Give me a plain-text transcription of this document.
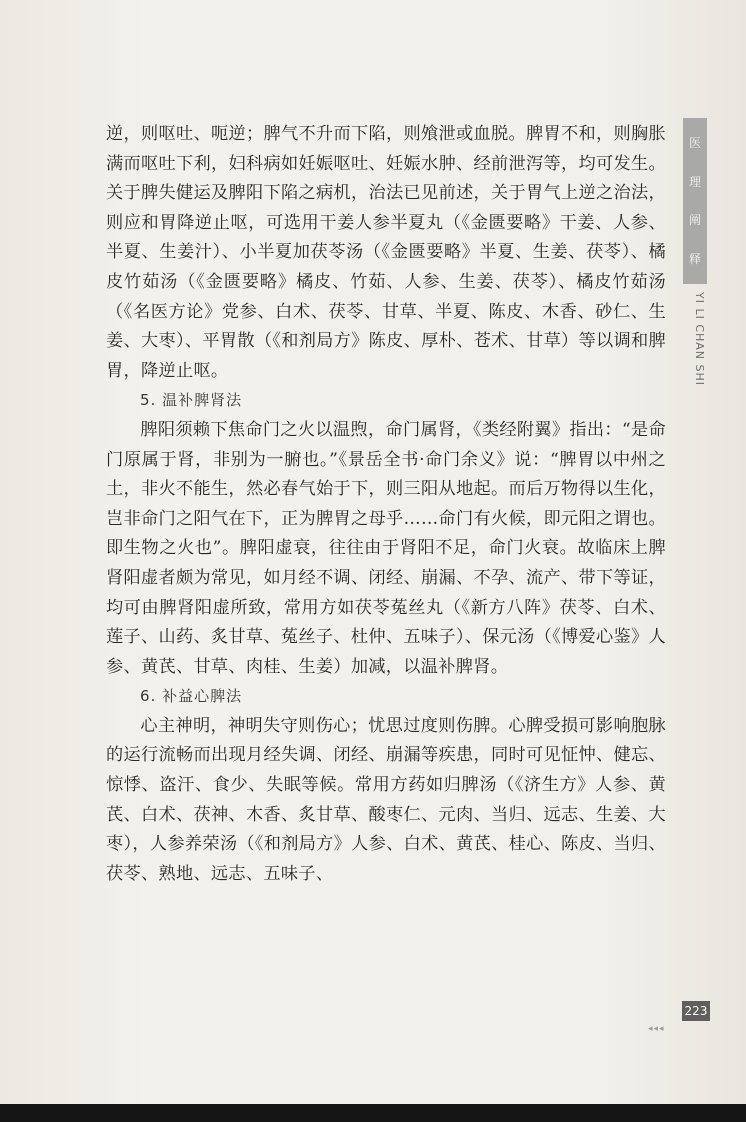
逆，则呕吐、呃逆；脾气不升而下陷，则飧泄或血脱。脾胃不和，则胸胀满而呕吐下利，妇科病如妊娠呕吐、妊娠水肿、经前泄泻等，均可发生。关于脾失健运及脾阳下陷之病机，治法已见前述，关于胃气上逆之治法，则应和胃降逆止呕，可选用干姜人参半夏丸（《金匮要略》干姜、人参、半夏、生姜汁）、小半夏加茯苓汤（《金匮要略》半夏、生姜、茯苓）、橘皮竹茹汤（《金匮要略》橘皮、竹茹、人参、生姜、茯苓）、橘皮竹茹汤（《名医方论》党参、白术、茯苓、甘草、半夏、陈皮、木香、砂仁、生姜、大枣）、平胃散（《和剂局方》陈皮、厚朴、苍术、甘草）等以调和脾胃，降逆止呕。

5. 温补脾肾法

脾阳须赖下焦命门之火以温煦，命门属肾，《类经附翼》指出：“是命门原属于肾，非别为一腑也。”《景岳全书·命门余义》说：“脾胃以中州之土，非火不能生，然必春气始于下，则三阳从地起。而后万物得以生化，岂非命门之阳气在下，正为脾胃之母乎……命门有火候，即元阳之谓也。即生物之火也”。脾阳虚衰，往往由于肾阳不足，命门火衰。故临床上脾肾阳虚者颇为常见，如月经不调、闭经、崩漏、不孕、流产、带下等证，均可由脾肾阳虚所致，常用方如茯苓菟丝丸（《新方八阵》茯苓、白术、莲子、山药、炙甘草、菟丝子、杜仲、五味子）、保元汤（《博爱心鉴》人参、黄芪、甘草、肉桂、生姜）加减，以温补脾肾。

6. 补益心脾法

心主神明，神明失守则伤心；忧思过度则伤脾。心脾受损可影响胞脉的运行流畅而出现月经失调、闭经、崩漏等疾患，同时可见怔忡、健忘、惊悸、盗汗、食少、失眠等候。常用方药如归脾汤（《济生方》人参、黄芪、白术、茯神、木香、炙甘草、酸枣仁、元肉、当归、远志、生姜、大枣），人参养荣汤（《和剂局方》人参、白术、黄芪、桂心、陈皮、当归、茯苓、熟地、远志、五味子、

医
理
阐
释
YI LI CHAN SHI
223
◂◂◂
